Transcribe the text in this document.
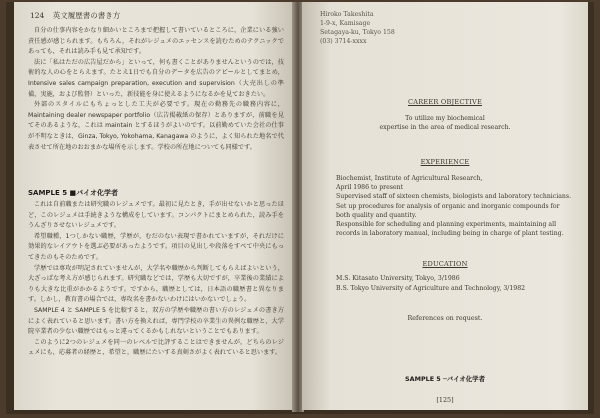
124 英文履歴書の書き方

自分の仕事内容をかなり細かいところまで把握して書いているところに，企業にいる強い責任感が感じられます。もちろん，それがレジュメのエッセンスを読むためのテクニックであっても，それは読み手も見て承知です。

法に「私はただの広告屋だから」といって，何も書くことがありませんというのでは，技術的な人の心をとらえます。たとえ1日でも自分のデータを広告のアピールとしてまとめ，Intensive sales campaign preparation, execution and supervision（大売出しの準備，実施，および監督）といった，新技能を身に使えるようになるかを見ておきたい。

外部のスタイルにもちょっとした工夫が必要です。現在の勤務先の職務内容に，Maintaining dealer newspaper portfolio（広告掲載紙の保存）とありますが，前職を見てそのあるような，これは maintain とするほうがよいのです。以前勤めていた会社の仕事が不明なときは，Ginza, Tokyo, Yokohama, Kanagawa のように，よく知られた地名で代表させて所在地のおおまかな場所を示します。学校の所在地についても同様です。

SAMPLE 5 ■バイオ化学者

これは自前職または研究職のレジュメです。最初に見たとき，手が出せないかと思ったほど，このレジュメは手続きような構成をしています。コンパクトにまとめられた，読み手をうんざりさせないレジュメです。

希望職種，1つしかない職歴，学歴が，むだのない表現で書かれていますが，それだけに効果的なレイアウトを選ぶ必要があったようです。項目の見出しや段落をすべて中央にもってきたのもそのためです。

学歴では専攻が明記されていませんが，大学名や職歴から判断してもらえばよいという，大ざっぱな考え方が感じられます。研究職などでは，学歴も大切ですが，卒業後の業績によりも大きな比重がかかるようです。ですから，職歴としては，日本語の職歴書と異なります。しかし，教育書の場合では，専攻名を書かないわけにはいかないでしょう。

SAMPLE 4 と SAMPLE 5 を比較すると，双方の学歴や職歴の書い方のレジュメの書き方によく表れていると思います。書い方を換えれば，専門学校の卒業生の異例な職歴と，大学院卒業者の少ない職歴ではもっと違ってくるかもしれないということでもあります。

このように2つのレジュメを同一のレベルで比評することはできませんが，どちらのレジュメにも，応募者の経歴と，希望と，職歴にたいする真剣さがよく表れていると思います。

Hiroko Takeshita
1-9-x, Kamisage
Setagaya-ku, Tokyo 158
(03) 3714-xxxx
CAREER OBJECTIVE
To utilize my biochemical
expertise in the area of medical research.
EXPERIENCE
Biochemist, Institute of Agricultural Research,
April 1986 to present
Supervised staff of sixteen chemists, biologists and laboratory technicians.
Set up procedures for analysis of organic and inorganic compounds for
both quality and quantity.
Responsible for scheduling and planning experiments, maintaining all
records in laboratory manual, including being in charge of plant testing.
EDUCATION
M.S. Kitasato University, Tokyo, 3/1986
B.S. Tokyo University of Agriculture and Technology, 3/1982
References on request.
SAMPLE 5 ─バイオ化学者
[125]
